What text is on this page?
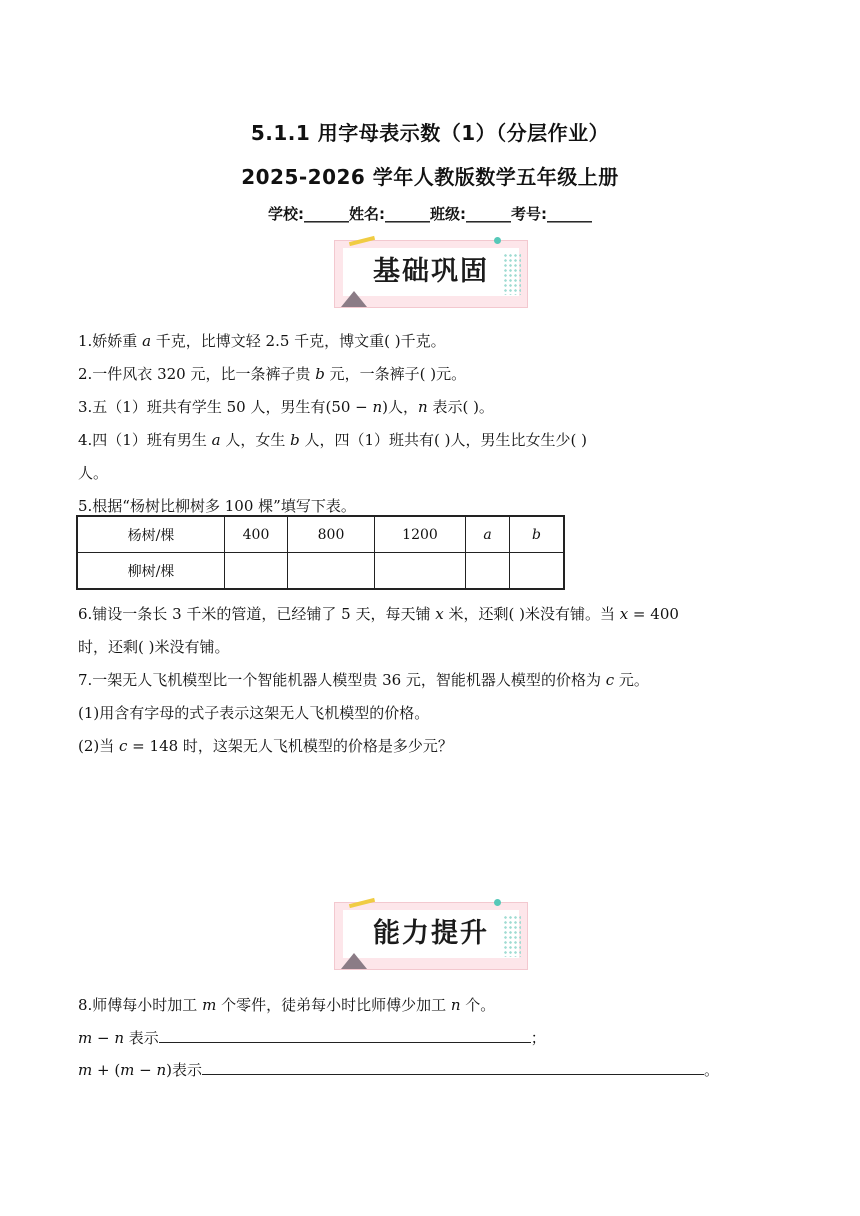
5.1.1 用字母表示数（1）（分层作业）
2025-2026 学年人教版数学五年级上册
学校:______姓名:______班级:______考号:______
基础巩固
1.娇娇重 𝑎 千克，比博文轻 2.5 千克，博文重( )千克。
2.一件风衣 320 元，比一条裤子贵 𝑏 元，一条裤子( )元。
3.五（1）班共有学生 50 人，男生有(50 − 𝑛)人，𝑛 表示( )。
4.四（1）班有男生 𝑎 人，女生 𝑏 人，四（1）班共有( )人，男生比女生少( )
人。
5.根据“杨树比柳树多 100 棵”填写下表。
杨树/棵	400	800	1200	𝑎	𝑏
柳树/棵					
6.铺设一条长 3 千米的管道，已经铺了 5 天，每天铺 𝑥 米，还剩( )米没有铺。当 𝑥 = 400
时，还剩( )米没有铺。
7.一架无人飞机模型比一个智能机器人模型贵 36 元，智能机器人模型的价格为 𝑐 元。
(1)用含有字母的式子表示这架无人飞机模型的价格。
(2)当 𝑐 = 148 时，这架无人飞机模型的价格是多少元？
能力提升
8.师傅每小时加工 𝑚 个零件，徒弟每小时比师傅少加工 𝑛 个。
𝑚 − 𝑛 表示	；
𝑚 + (𝑚 − 𝑛)表示	。
